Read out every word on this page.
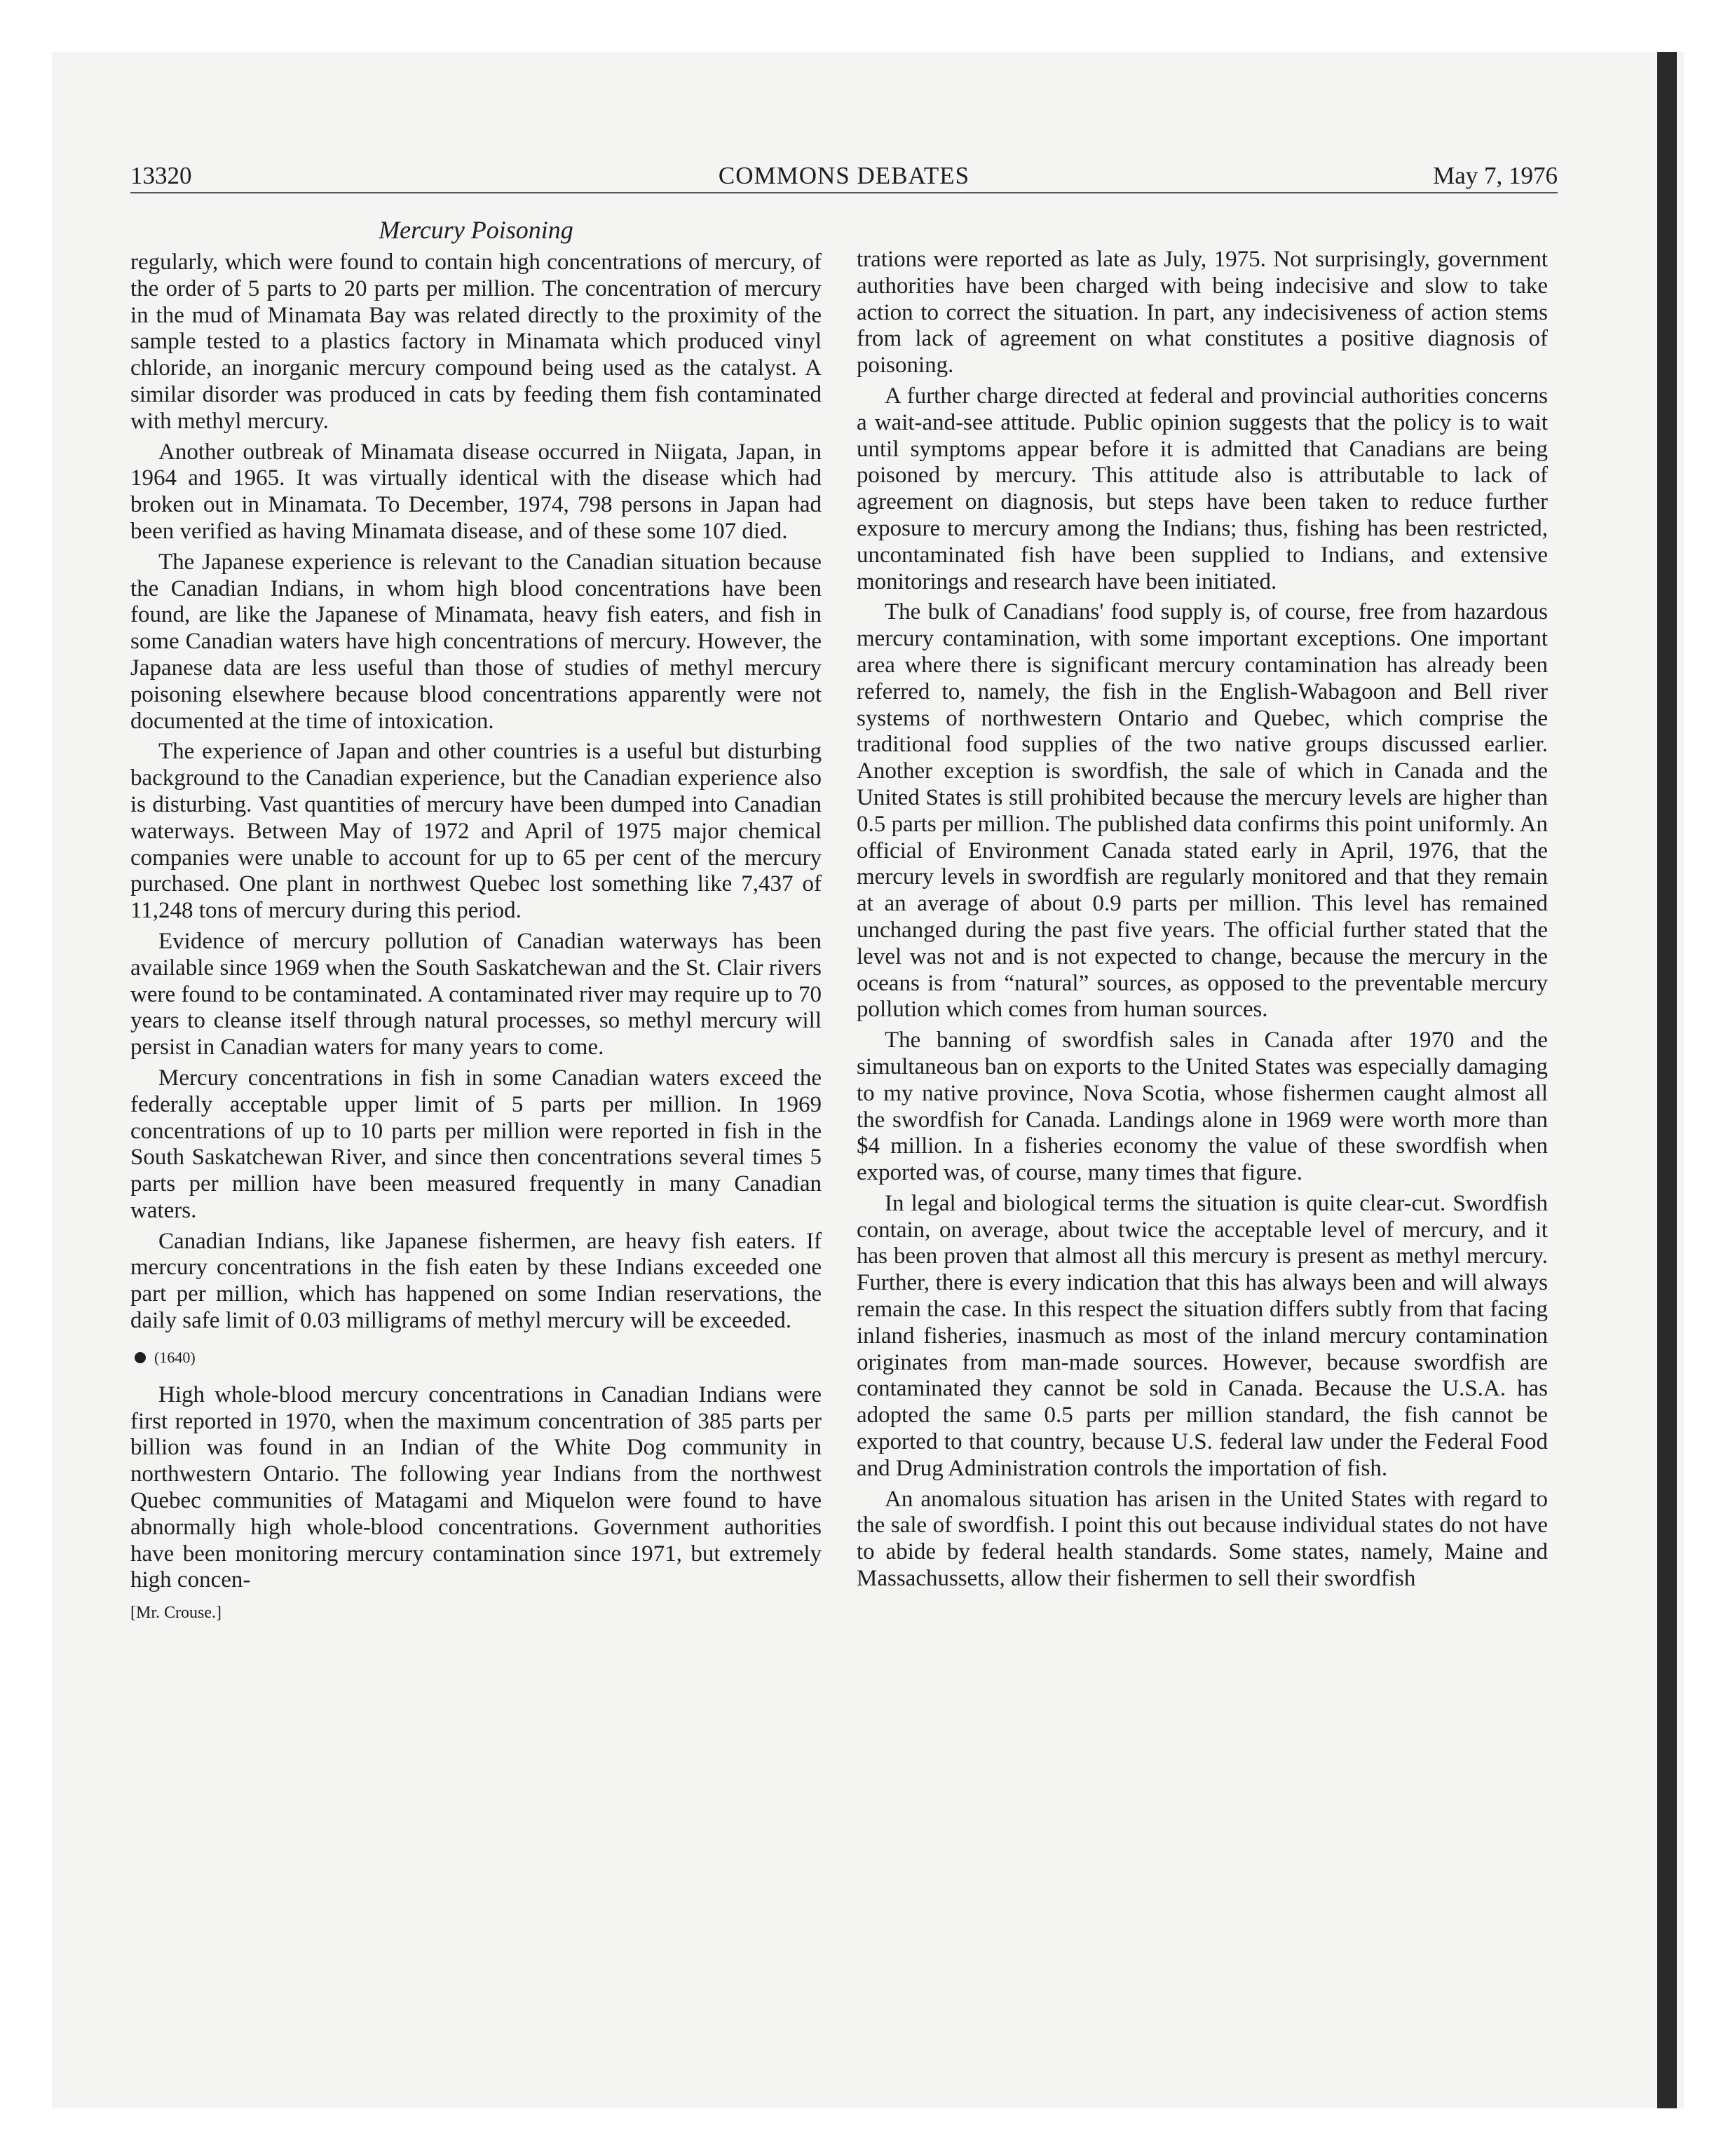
COMMONS DEBATES
13320	May 7, 1976
Mercury Poisoning

regularly, which were found to contain high concentrations of mercury, of the order of 5 parts to 20 parts per million. The concentration of mercury in the mud of Minamata Bay was related directly to the proximity of the sample tested to a plastics factory in Minamata which produced vinyl chloride, an inorganic mercury compound being used as the catalyst. A similar disorder was produced in cats by feeding them fish contaminated with methyl mercury.

Another outbreak of Minamata disease occurred in Niigata, Japan, in 1964 and 1965. It was virtually identical with the disease which had broken out in Minamata. To December, 1974, 798 persons in Japan had been verified as having Minamata disease, and of these some 107 died.

The Japanese experience is relevant to the Canadian situation because the Canadian Indians, in whom high blood concentrations have been found, are like the Japanese of Minamata, heavy fish eaters, and fish in some Canadian waters have high concentrations of mercury. However, the Japanese data are less useful than those of studies of methyl mercury poisoning elsewhere because blood concentrations apparently were not documented at the time of intoxication.

The experience of Japan and other countries is a useful but disturbing background to the Canadian experience, but the Canadian experience also is disturbing. Vast quantities of mercury have been dumped into Canadian waterways. Between May of 1972 and April of 1975 major chemical companies were unable to account for up to 65 per cent of the mercury purchased. One plant in northwest Quebec lost something like 7,437 of 11,248 tons of mercury during this period.

Evidence of mercury pollution of Canadian waterways has been available since 1969 when the South Saskatchewan and the St. Clair rivers were found to be contaminated. A contaminated river may require up to 70 years to cleanse itself through natural processes, so methyl mercury will persist in Canadian waters for many years to come.

Mercury concentrations in fish in some Canadian waters exceed the federally acceptable upper limit of 5 parts per million. In 1969 concentrations of up to 10 parts per million were reported in fish in the South Saskatchewan River, and since then concentrations several times 5 parts per million have been measured frequently in many Canadian waters.

Canadian Indians, like Japanese fishermen, are heavy fish eaters. If mercury concentrations in the fish eaten by these Indians exceeded one part per million, which has happened on some Indian reservations, the daily safe limit of 0.03 milligrams of methyl mercury will be exceeded.

(1640)

High whole-blood mercury concentrations in Canadian Indians were first reported in 1970, when the maximum concentration of 385 parts per billion was found in an Indian of the White Dog community in northwestern Ontario. The following year Indians from the northwest Quebec communities of Matagami and Miquelon were found to have abnormally high whole-blood concentrations. Government authorities have been monitoring mercury contamination since 1971, but extremely high concen-

[Mr. Crouse.]

trations were reported as late as July, 1975. Not surprisingly, government authorities have been charged with being indecisive and slow to take action to correct the situation. In part, any indecisiveness of action stems from lack of agreement on what constitutes a positive diagnosis of poisoning.

A further charge directed at federal and provincial authorities concerns a wait-and-see attitude. Public opinion suggests that the policy is to wait until symptoms appear before it is admitted that Canadians are being poisoned by mercury. This attitude also is attributable to lack of agreement on diagnosis, but steps have been taken to reduce further exposure to mercury among the Indians; thus, fishing has been restricted, uncontaminated fish have been supplied to Indians, and extensive monitorings and research have been initiated.

The bulk of Canadians' food supply is, of course, free from hazardous mercury contamination, with some important exceptions. One important area where there is significant mercury contamination has already been referred to, namely, the fish in the English-Wabagoon and Bell river systems of northwestern Ontario and Quebec, which comprise the traditional food supplies of the two native groups discussed earlier. Another exception is swordfish, the sale of which in Canada and the United States is still prohibited because the mercury levels are higher than 0.5 parts per million. The published data confirms this point uniformly. An official of Environment Canada stated early in April, 1976, that the mercury levels in swordfish are regularly monitored and that they remain at an average of about 0.9 parts per million. This level has remained unchanged during the past five years. The official further stated that the level was not and is not expected to change, because the mercury in the oceans is from “natural” sources, as opposed to the preventable mercury pollution which comes from human sources.

The banning of swordfish sales in Canada after 1970 and the simultaneous ban on exports to the United States was especially damaging to my native province, Nova Scotia, whose fishermen caught almost all the swordfish for Canada. Landings alone in 1969 were worth more than $4 million. In a fisheries economy the value of these swordfish when exported was, of course, many times that figure.

In legal and biological terms the situation is quite clear-cut. Swordfish contain, on average, about twice the acceptable level of mercury, and it has been proven that almost all this mercury is present as methyl mercury. Further, there is every indication that this has always been and will always remain the case. In this respect the situation differs subtly from that facing inland fisheries, inasmuch as most of the inland mercury contamination originates from man-made sources. However, because swordfish are contaminated they cannot be sold in Canada. Because the U.S.A. has adopted the same 0.5 parts per million standard, the fish cannot be exported to that country, because U.S. federal law under the Federal Food and Drug Administration controls the importation of fish.

An anomalous situation has arisen in the United States with regard to the sale of swordfish. I point this out because individual states do not have to abide by federal health standards. Some states, namely, Maine and Massachussetts, allow their fishermen to sell their swordfish
